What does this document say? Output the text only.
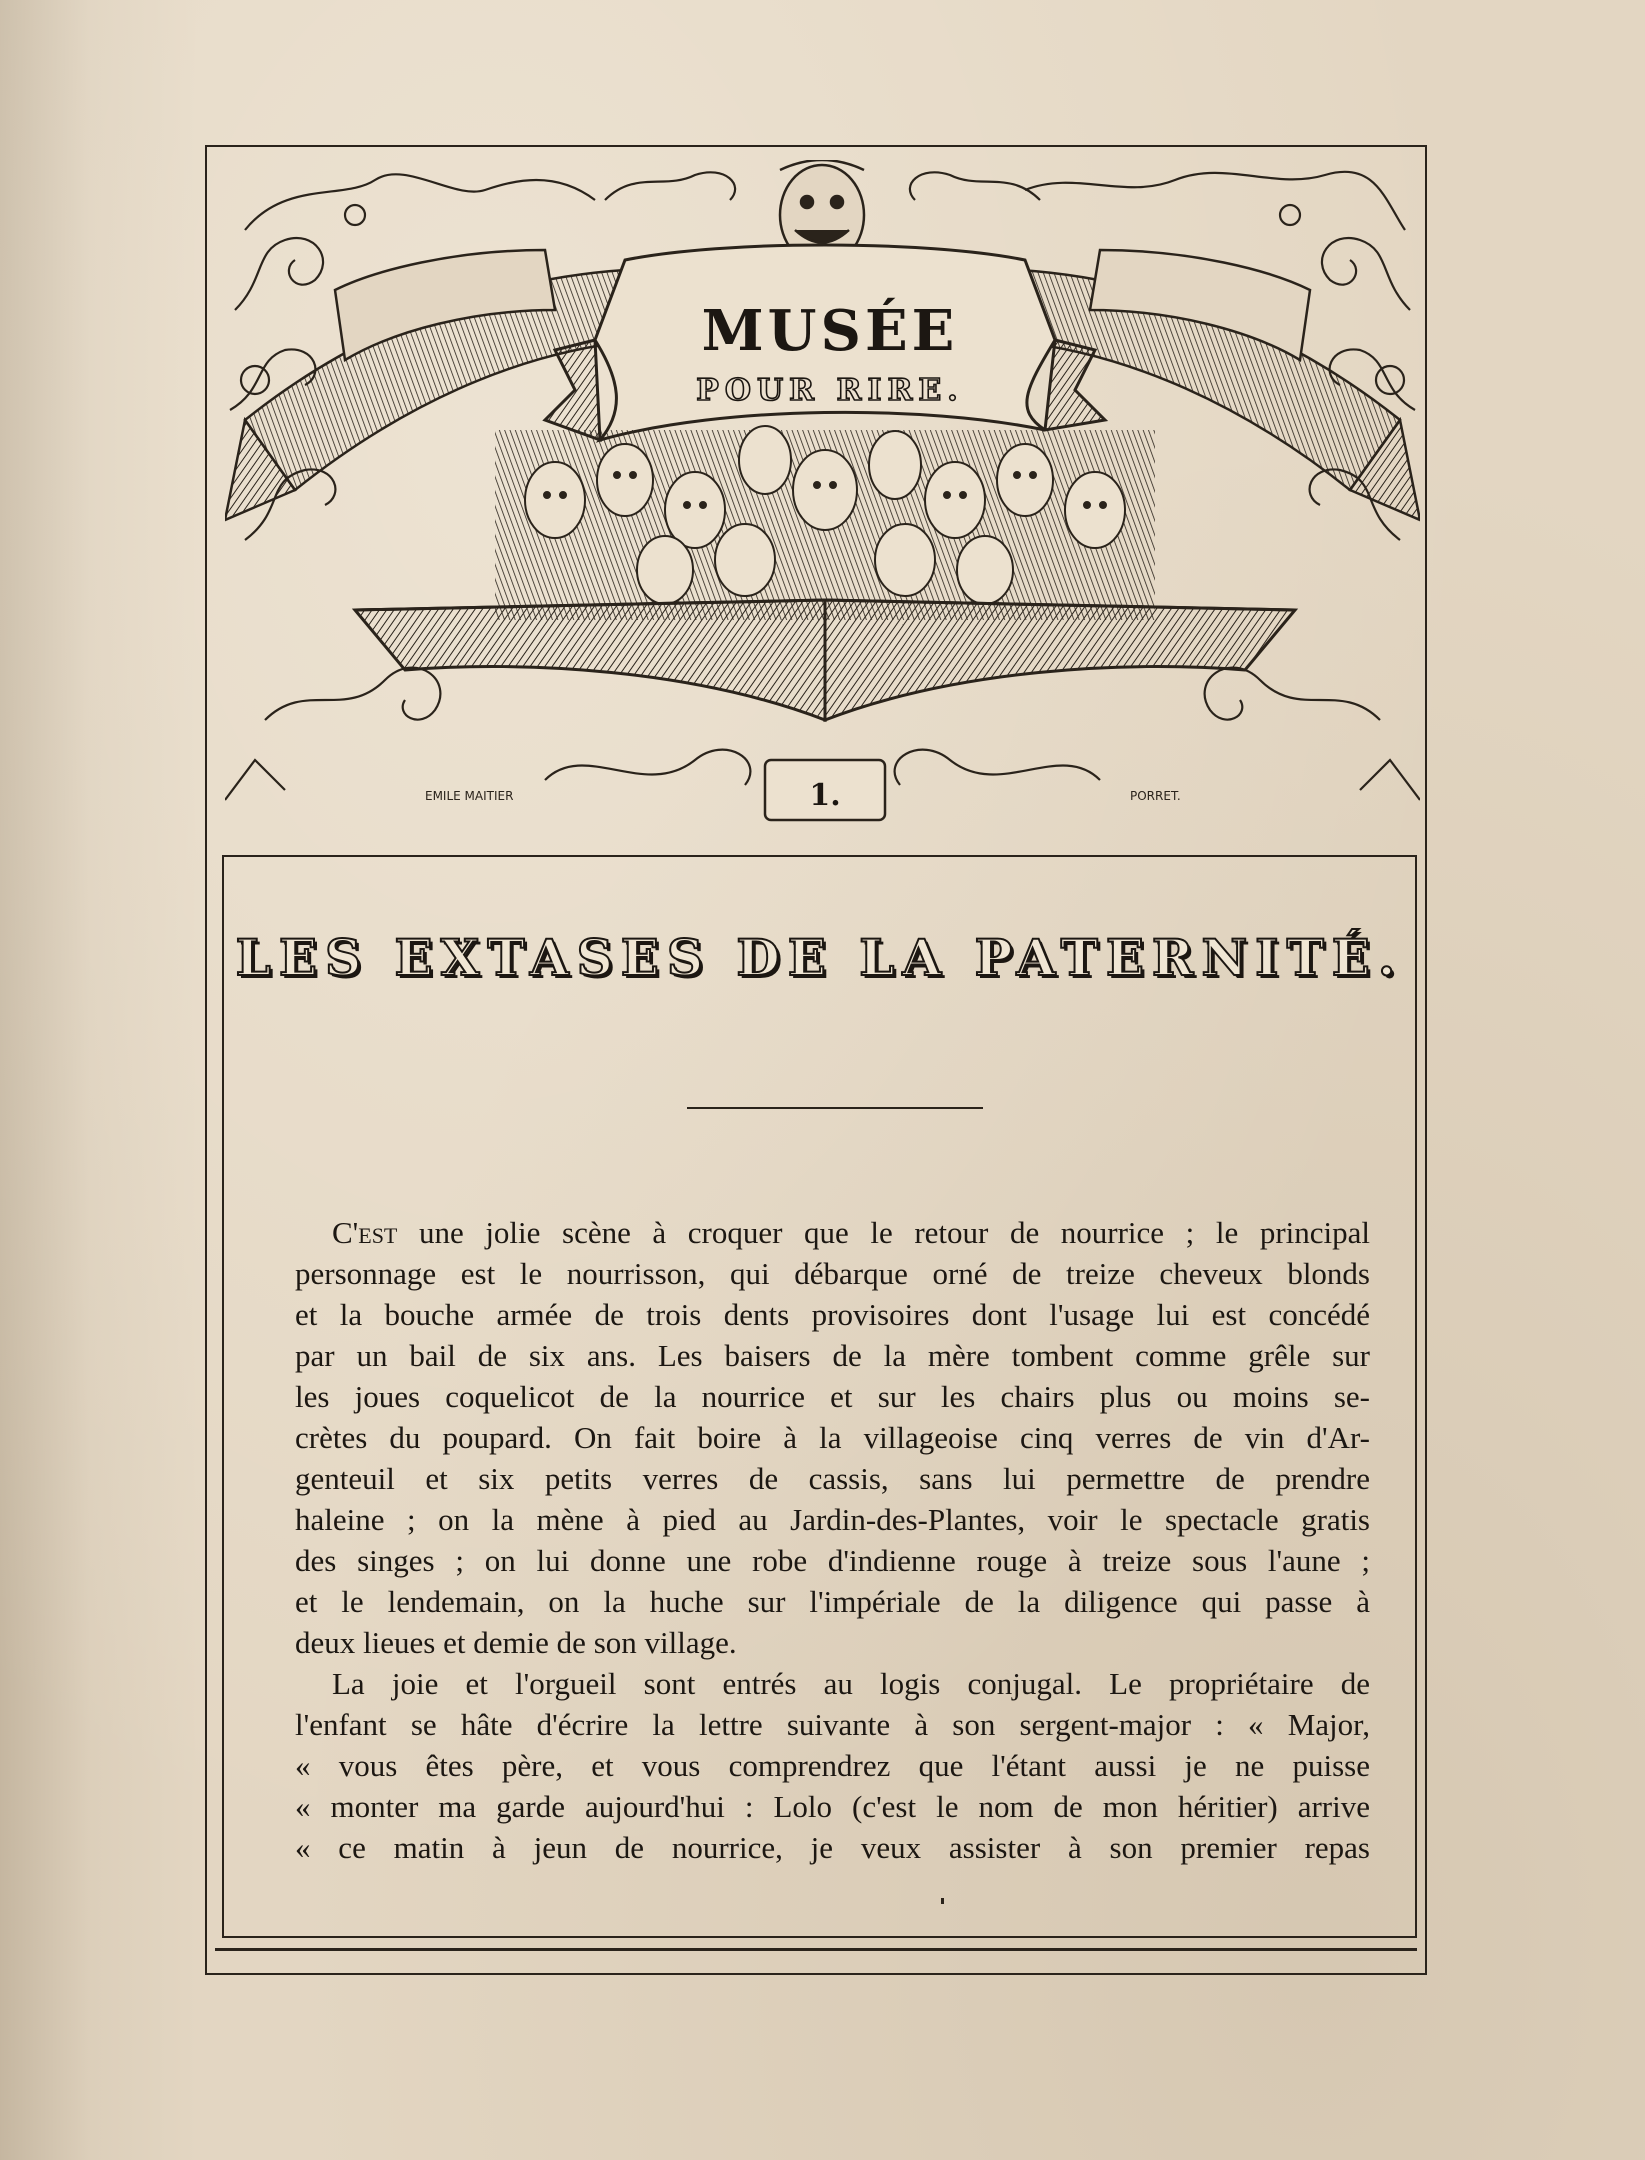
MUSÉE
POUR RIRE.
1.
EMILE MAITIER	PORRET.
LES EXTASES DE LA PATERNITÉ.

C'est une jolie scène à croquer que le retour de nourrice ; le principal
personnage est le nourrisson, qui débarque orné de treize cheveux blonds
et la bouche armée de trois dents provisoires dont l'usage lui est concédé
par un bail de six ans. Les baisers de la mère tombent comme grêle sur
les joues coquelicot de la nourrice et sur les chairs plus ou moins se-
crètes du poupard. On fait boire à la villageoise cinq verres de vin d'Ar-
genteuil et six petits verres de cassis, sans lui permettre de prendre
haleine ; on la mène à pied au Jardin-des-Plantes, voir le spectacle gratis
des singes ; on lui donne une robe d'indienne rouge à treize sous l'aune ;
et le lendemain, on la huche sur l'impériale de la diligence qui passe à
deux lieues et demie de son village.

La joie et l'orgueil sont entrés au logis conjugal. Le propriétaire de
l'enfant se hâte d'écrire la lettre suivante à son sergent-major : « Major,
« vous êtes père, et vous comprendrez que l'étant aussi je ne puisse
« monter ma garde aujourd'hui : Lolo (c'est le nom de mon héritier) arrive
« ce matin à jeun de nourrice, je veux assister à son premier repas
